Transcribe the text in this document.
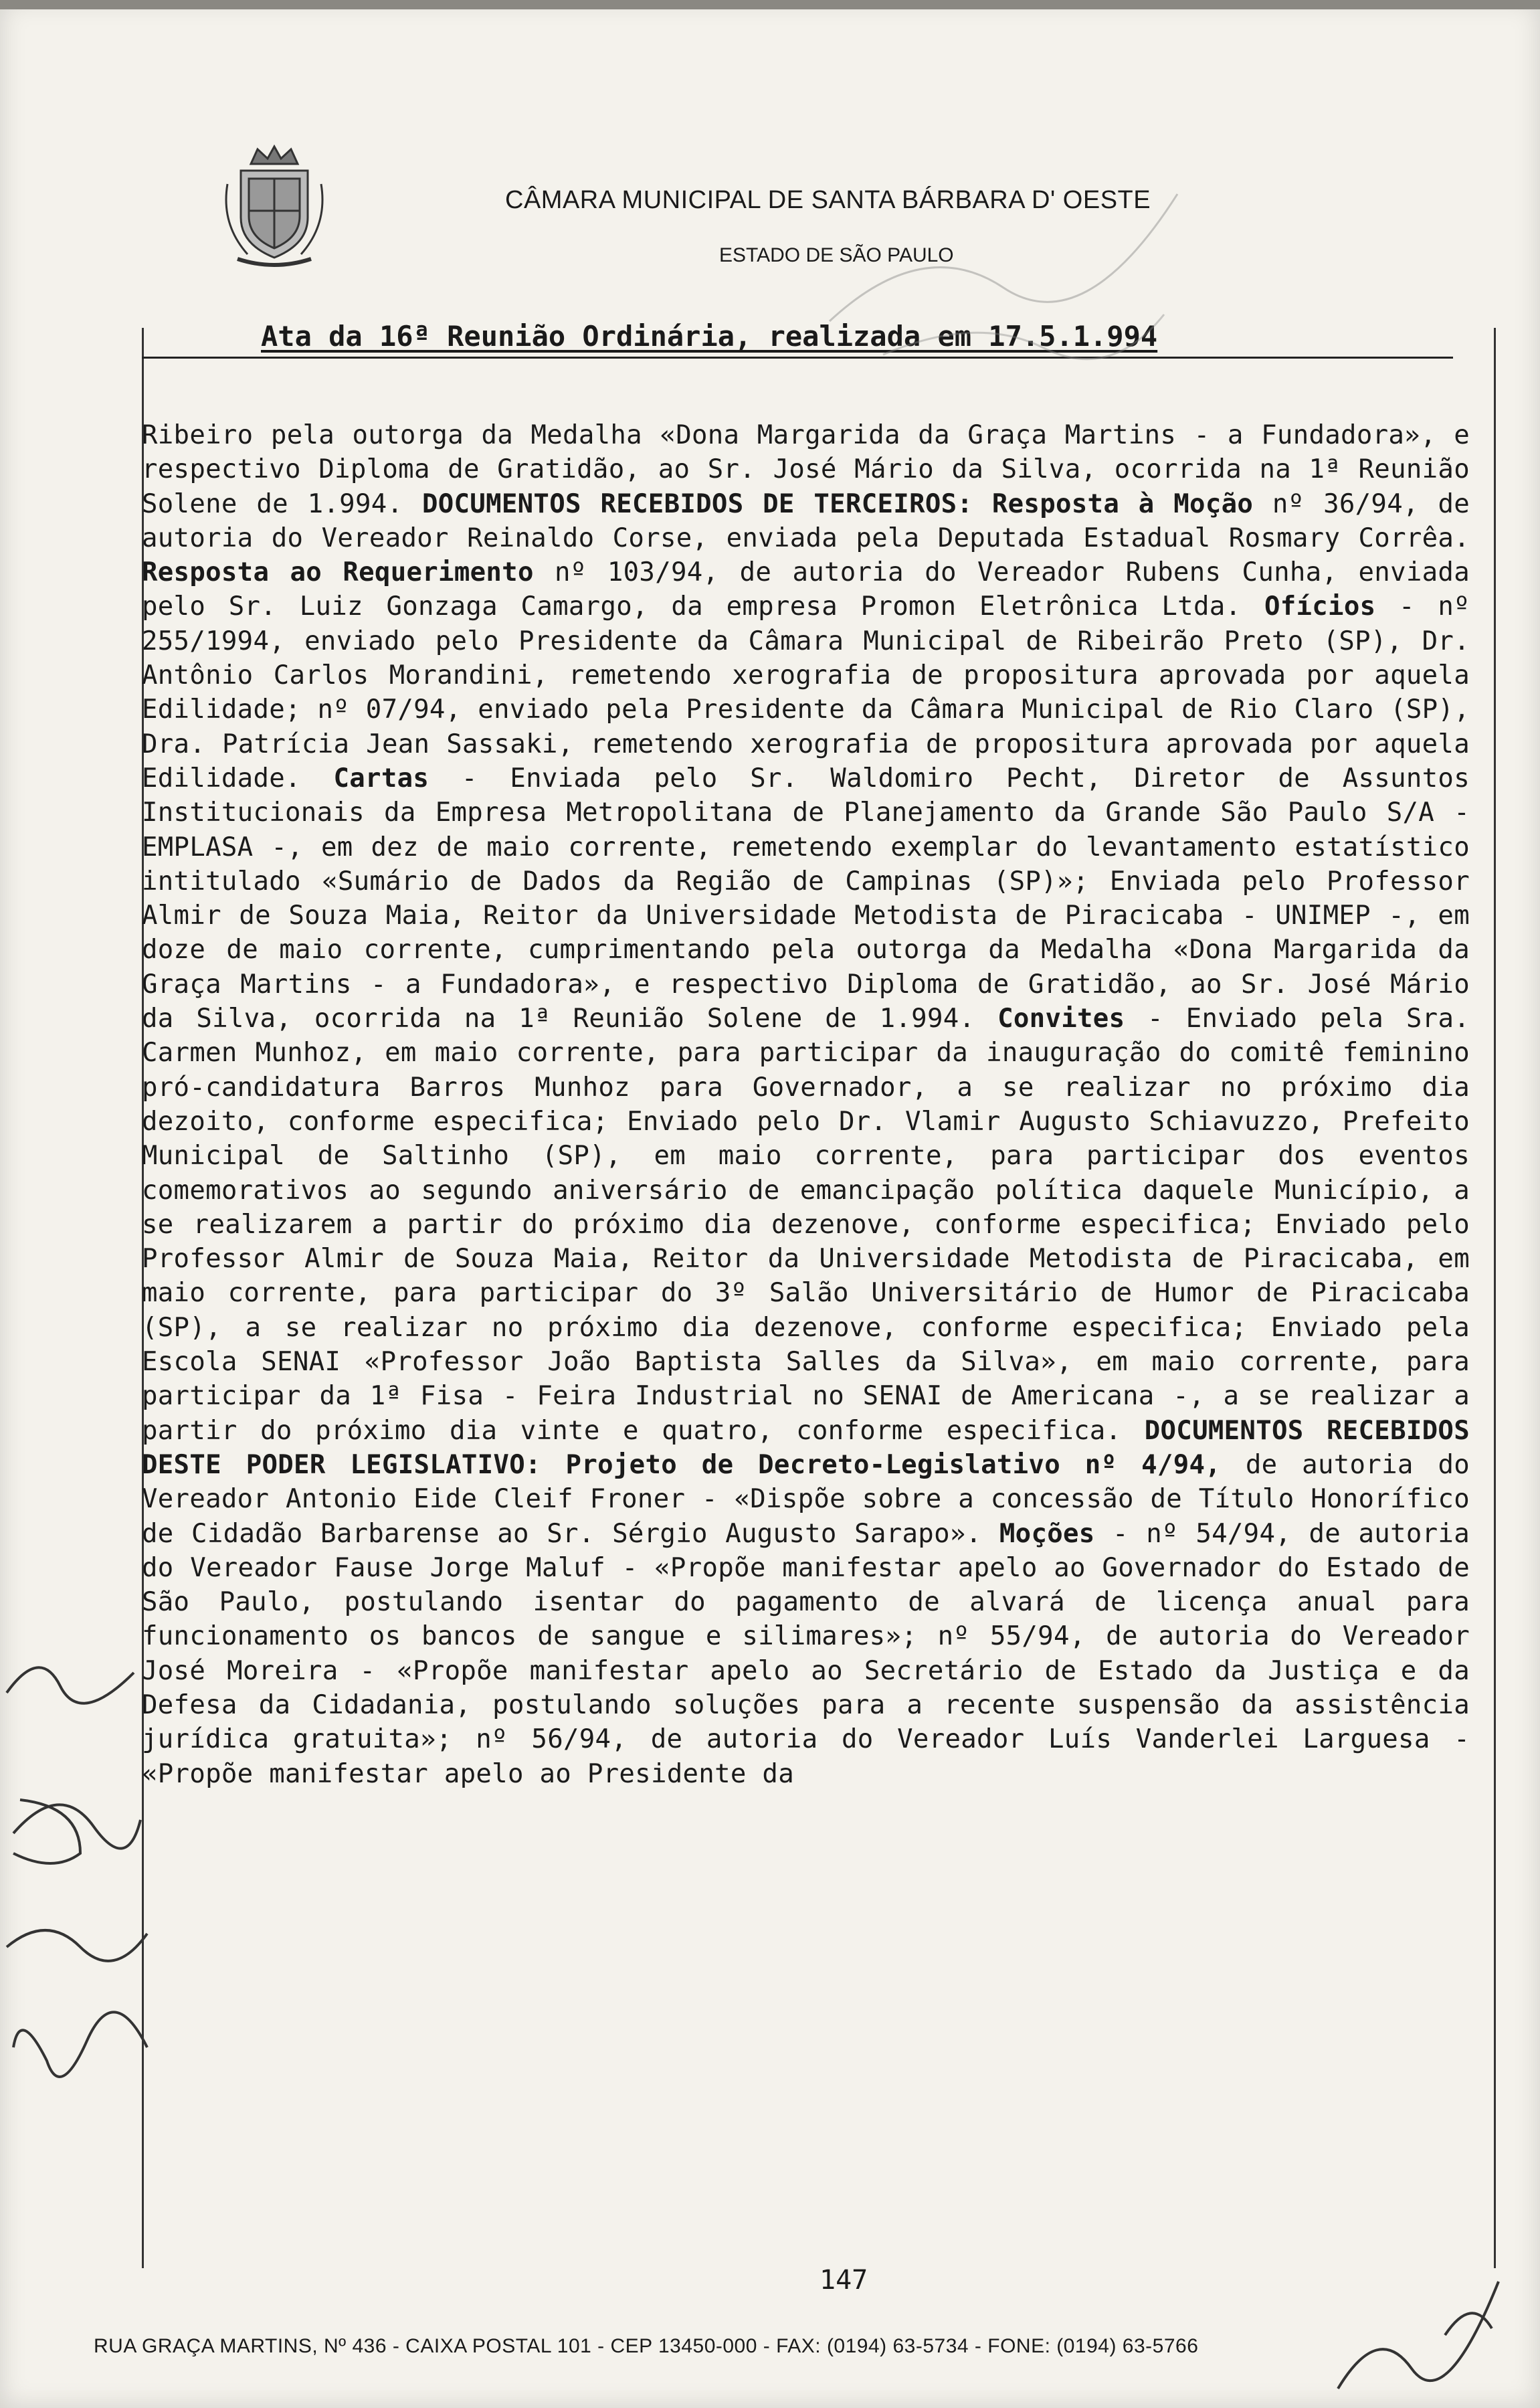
CÂMARA MUNICIPAL DE SANTA BÁRBARA D' OESTE
ESTADO DE SÃO PAULO
Ata da 16ª Reunião Ordinária, realizada em 17.5.1.994
Ribeiro pela outorga da Medalha «Dona Margarida da Graça Martins - a Fundadora», e respectivo Diploma de Gratidão, ao Sr. José Mário da Silva, ocorrida na 1ª Reunião Solene de 1.994. DOCUMENTOS RECEBIDOS DE TERCEIROS: Resposta à Moção nº 36/94, de autoria do Vereador Reinaldo Corse, enviada pela Deputada Estadual Rosmary Corrêa. Resposta ao Requerimento nº 103/94, de autoria do Vereador Rubens Cunha, enviada pelo Sr. Luiz Gonzaga Camargo, da empresa Promon Eletrônica Ltda. Ofícios - nº 255/1994, enviado pelo Presidente da Câmara Municipal de Ribeirão Preto (SP), Dr. Antônio Carlos Morandini, remetendo xerografia de propositura aprovada por aquela Edilidade; nº 07/94, enviado pela Presidente da Câmara Municipal de Rio Claro (SP), Dra. Patrícia Jean Sassaki, remetendo xerografia de propositura aprovada por aquela Edilidade. Cartas - Enviada pelo Sr. Waldomiro Pecht, Diretor de Assuntos Institucionais da Empresa Metropolitana de Planejamento da Grande São Paulo S/A - EMPLASA -, em dez de maio corrente, remetendo exemplar do levantamento estatístico intitulado «Sumário de Dados da Região de Campinas (SP)»; Enviada pelo Professor Almir de Souza Maia, Reitor da Universidade Metodista de Piracicaba - UNIMEP -, em doze de maio corrente, cumprimentando pela outorga da Medalha «Dona Margarida da Graça Martins - a Fundadora», e respectivo Diploma de Gratidão, ao Sr. José Mário da Silva, ocorrida na 1ª Reunião Solene de 1.994. Convites - Enviado pela Sra. Carmen Munhoz, em maio corrente, para participar da inauguração do comitê feminino pró-candidatura Barros Munhoz para Governador, a se realizar no próximo dia dezoito, conforme especifica; Enviado pelo Dr. Vlamir Augusto Schiavuzzo, Prefeito Municipal de Saltinho (SP), em maio corrente, para participar dos eventos comemorativos ao segundo aniversário de emancipação política daquele Município, a se realizarem a partir do próximo dia dezenove, conforme especifica; Enviado pelo Professor Almir de Souza Maia, Reitor da Universidade Metodista de Piracicaba, em maio corrente, para participar do 3º Salão Universitário de Humor de Piracicaba (SP), a se realizar no próximo dia dezenove, conforme especifica; Enviado pela Escola SENAI «Professor João Baptista Salles da Silva», em maio corrente, para participar da 1ª Fisa - Feira Industrial no SENAI de Americana -, a se realizar a partir do próximo dia vinte e quatro, conforme especifica. DOCUMENTOS RECEBIDOS DESTE PODER LEGISLATIVO: Projeto de Decreto-Legislativo nº 4/94, de autoria do Vereador Antonio Eide Cleif Froner - «Dispõe sobre a concessão de Título Honorífico de Cidadão Barbarense ao Sr. Sérgio Augusto Sarapo». Moções - nº 54/94, de autoria do Vereador Fause Jorge Maluf - «Propõe manifestar apelo ao Governador do Estado de São Paulo, postulando isentar do pagamento de alvará de licença anual para funcionamento os bancos de sangue e silimares»; nº 55/94, de autoria do Vereador José Moreira - «Propõe manifestar apelo ao Secretário de Estado da Justiça e da Defesa da Cidadania, postulando soluções para a recente suspensão da assistência jurídica gratuita»; nº 56/94, de autoria do Vereador Luís Vanderlei Larguesa - «Propõe manifestar apelo ao Presidente da
147
RUA GRAÇA MARTINS, Nº 436 - CAIXA POSTAL 101 - CEP 13450-000 - FAX: (0194) 63-5734 - FONE: (0194) 63-5766
